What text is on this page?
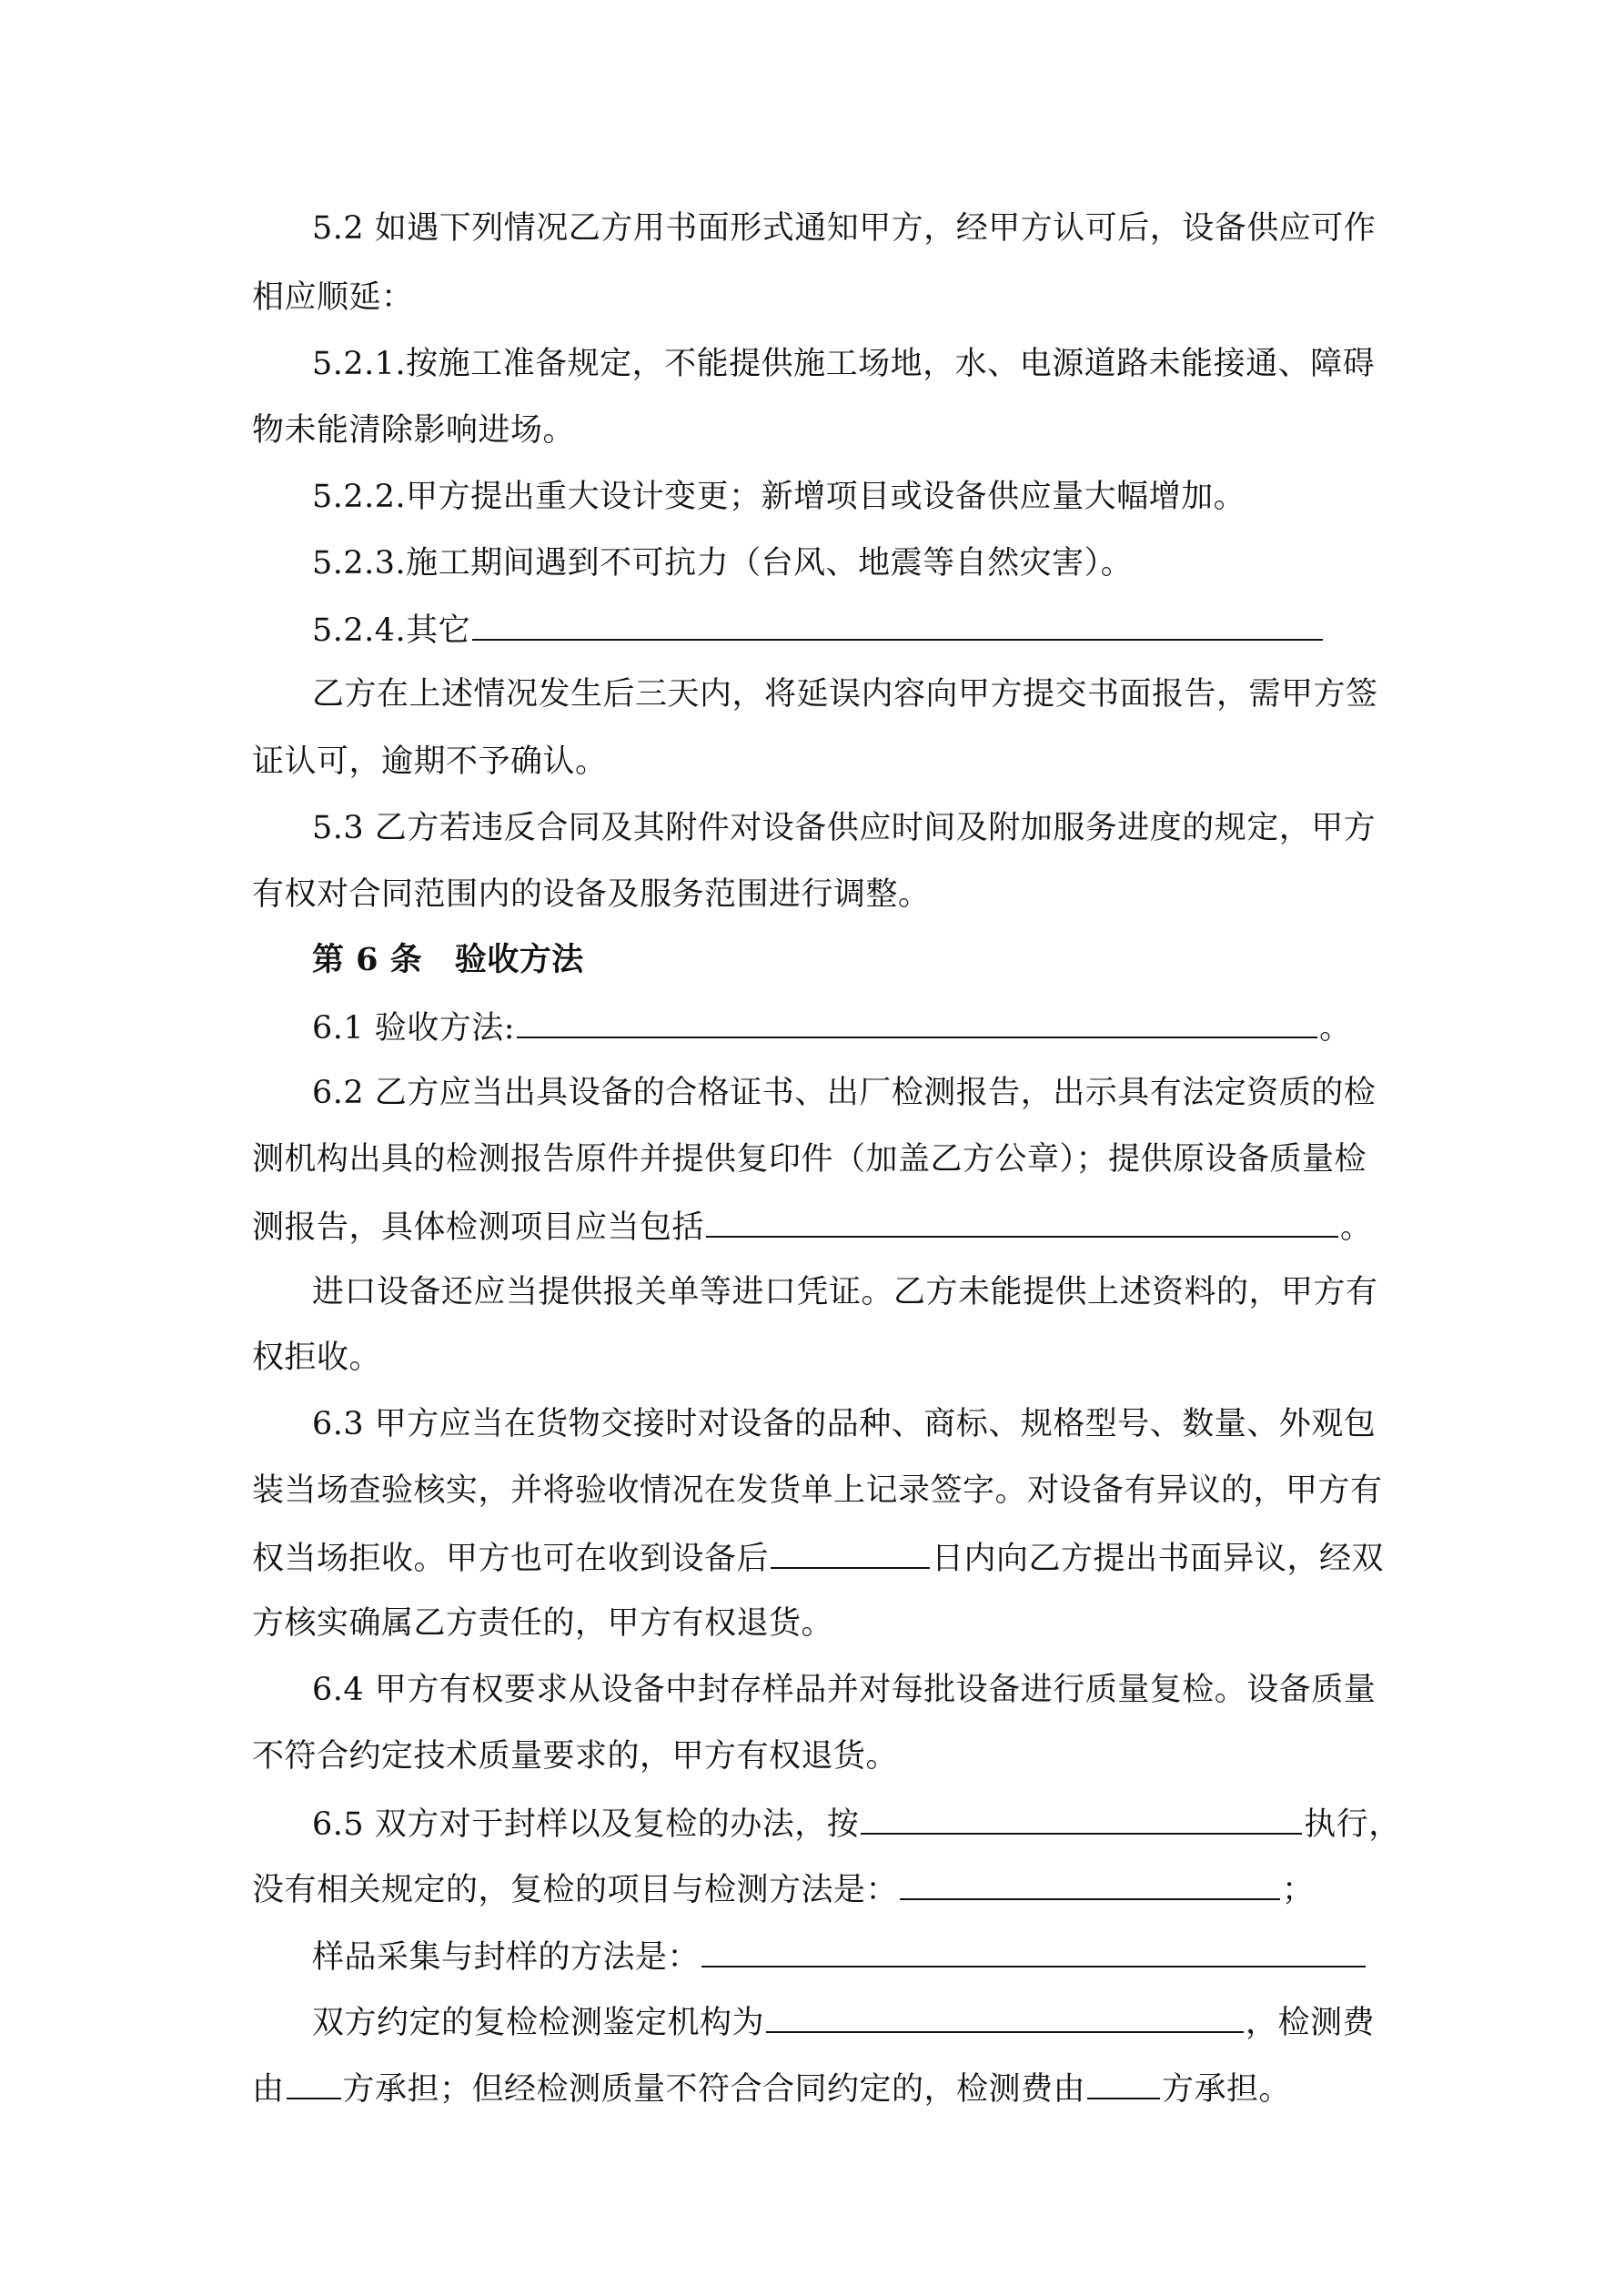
5.2 如遇下列情况乙方用书面形式通知甲方，经甲方认可后，设备供应可作

相应顺延：

5.2.1.按施工准备规定，不能提供施工场地，水、电源道路未能接通、障碍

物未能清除影响进场。

5.2.2.甲方提出重大设计变更；新增项目或设备供应量大幅增加。

5.2.3.施工期间遇到不可抗力（台风、地震等自然灾害）。

5.2.4.其它

乙方在上述情况发生后三天内，将延误内容向甲方提交书面报告，需甲方签

证认可，逾期不予确认。

5.3 乙方若违反合同及其附件对设备供应时间及附加服务进度的规定，甲方

有权对合同范围内的设备及服务范围进行调整。

第 6 条　验收方法

6.1 验收方法:	。

6.2 乙方应当出具设备的合格证书、出厂检测报告，出示具有法定资质的检

测机构出具的检测报告原件并提供复印件（加盖乙方公章）；提供原设备质量检

测报告，具体检测项目应当包括	。

进口设备还应当提供报关单等进口凭证。乙方未能提供上述资料的，甲方有

权拒收。

6.3 甲方应当在货物交接时对设备的品种、商标、规格型号、数量、外观包

装当场查验核实，并将验收情况在发货单上记录签字。对设备有异议的，甲方有

权当场拒收。甲方也可在收到设备后	日内向乙方提出书面异议，经双

方核实确属乙方责任的，甲方有权退货。

6.4 甲方有权要求从设备中封存样品并对每批设备进行质量复检。设备质量

不符合约定技术质量要求的，甲方有权退货。

6.5 双方对于封样以及复检的办法，按	执行，

没有相关规定的，复检的项目与检测方法是：	；

样品采集与封样的方法是：

双方约定的复检检测鉴定机构为	，检测费

由 方承担；但经检测质量不符合合同约定的，检测费由 方承担。
